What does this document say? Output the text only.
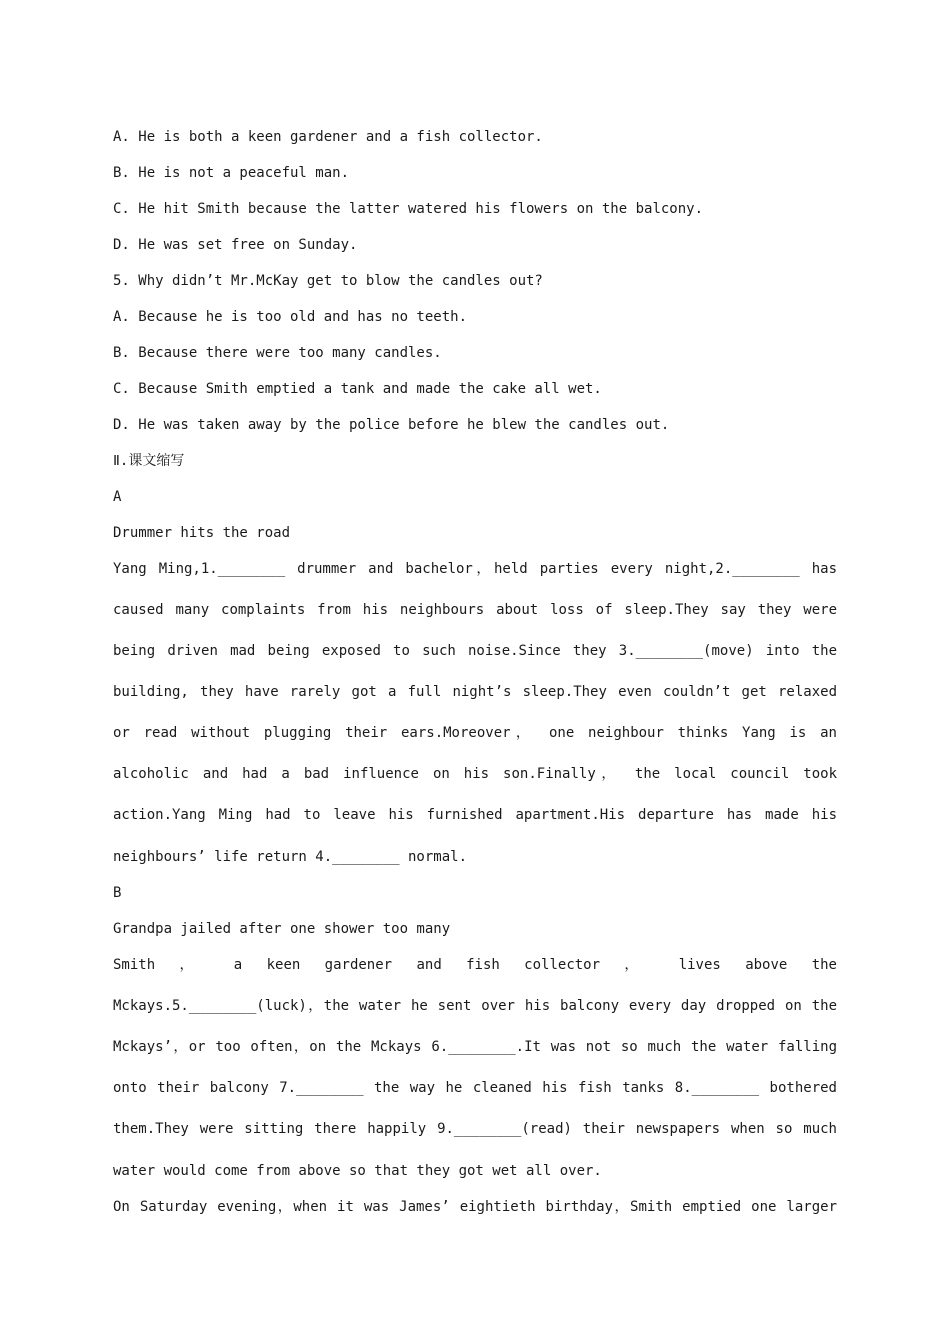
A. He is both a keen gardener and a fish collector.
B. He is not a peaceful man.
C. He hit Smith because the latter watered his flowers on the balcony.
D. He was set free on Sunday.
5. Why didn’t Mr.McKay get to blow the candles out?
A. Because he is too old and has no teeth.
B. Because there were too many candles.
C. Because Smith emptied a tank and made the cake all wet.
D. He was taken away by the police before he blew the candles out.
Ⅱ.课文缩写
A
Drummer hits the road
Yang Ming,1.________ drummer and bachelor，held parties every night,2.________ has
caused many complaints from his neighbours about loss of sleep.They say they were
being driven mad being exposed to such noise.Since they 3.________(move) into the
building, they have rarely got a full night’s sleep.They even couldn’t get relaxed
or read without plugging their ears.Moreover， one neighbour thinks Yang is an
alcoholic and had a bad influence on his son.Finally， the local council took
action.Yang Ming had to leave his furnished apartment.His departure has made his
neighbours’ life return 4.________ normal.
B
Grandpa jailed after one shower too many
Smith ， a keen gardener and fish collector ， lives above the
Mckays.5.________(luck)，the water he sent over his balcony every day dropped on the
Mckays’，or too often，on the Mckays 6.________.It was not so much the water falling
onto their balcony 7.________ the way he cleaned his fish tanks 8.________ bothered
them.They were sitting there happily 9.________(read) their newspapers when so much
water would come from above so that they got wet all over.
On Saturday evening，when it was James’ eightieth birthday，Smith emptied one larger
